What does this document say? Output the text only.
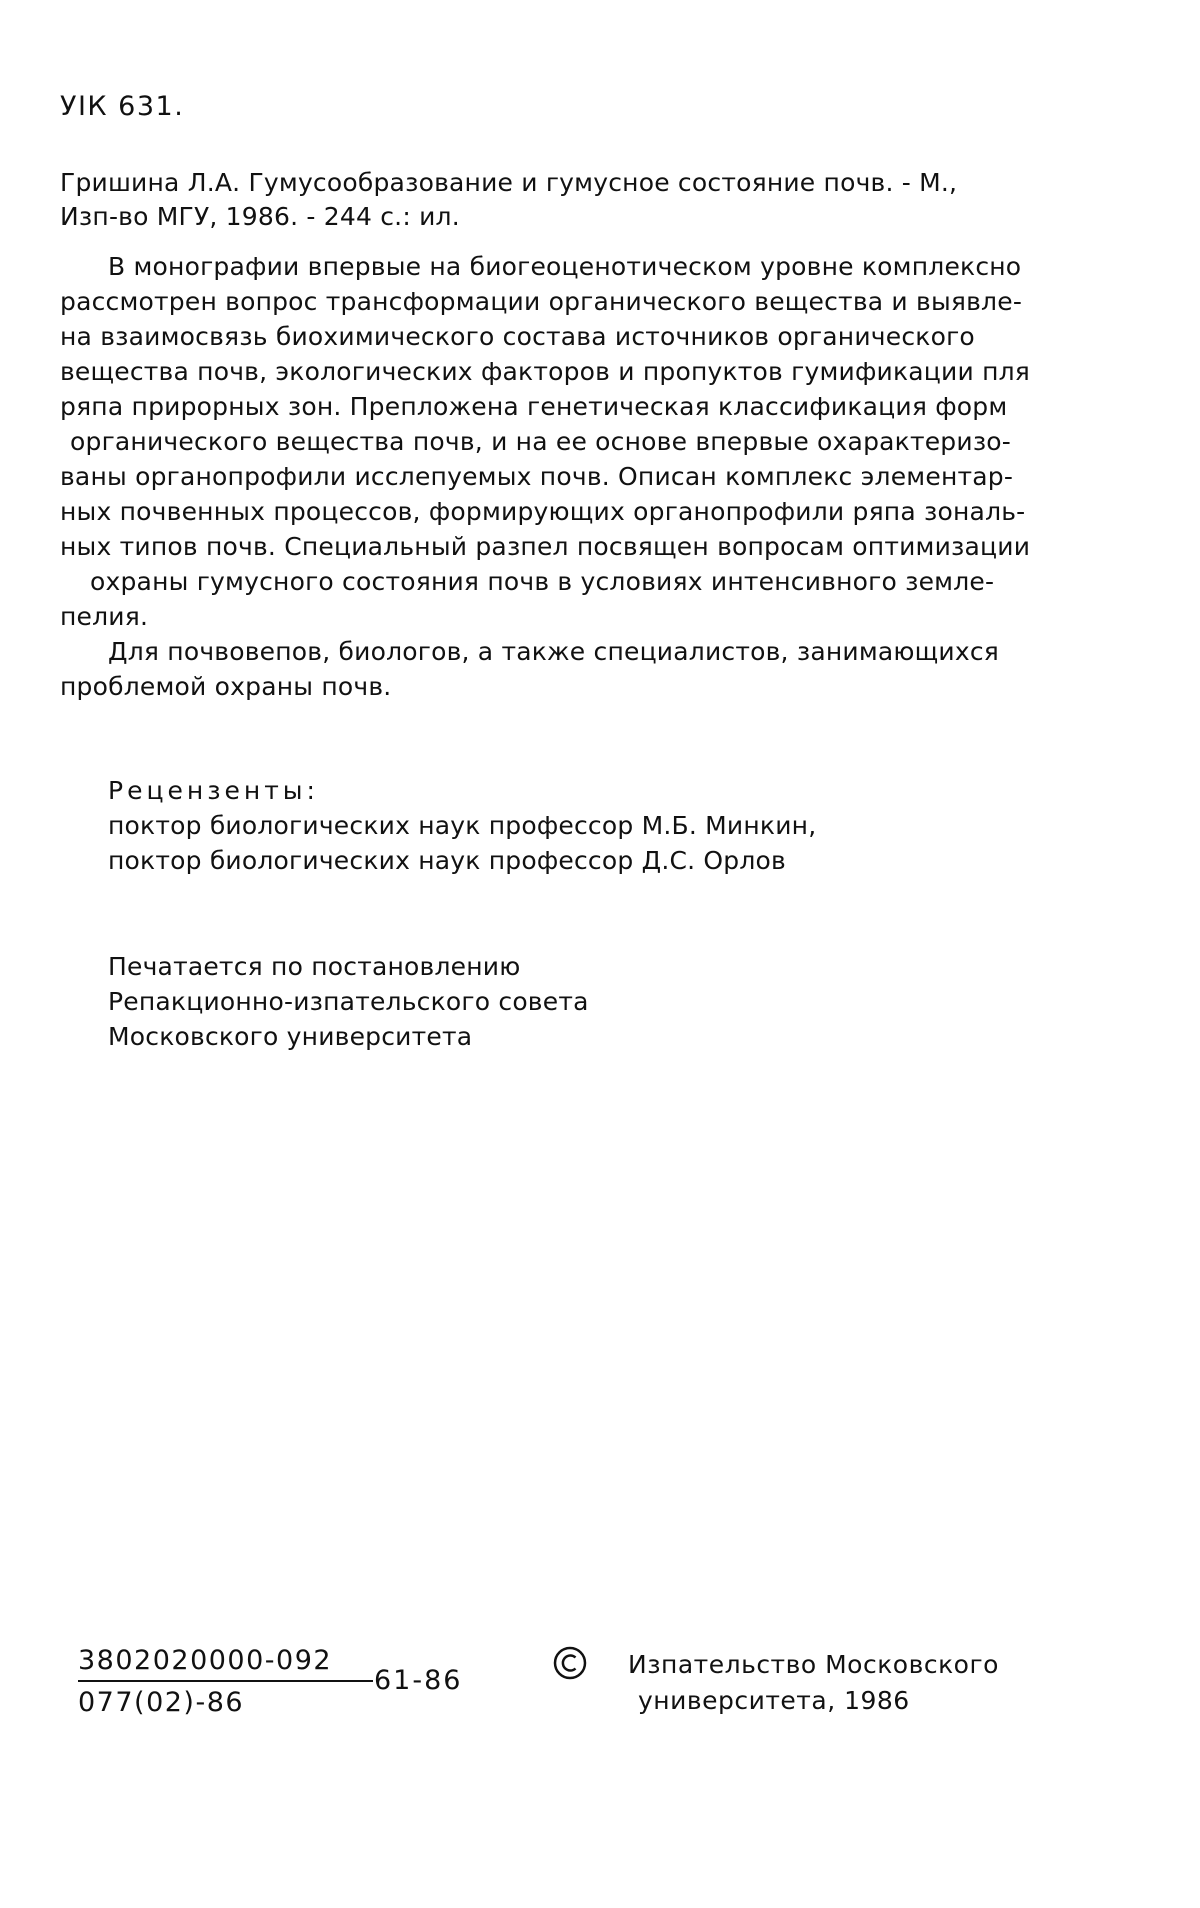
УIК 631.
Гришина Л.А. Гумусообразование и гумусное состояние почв. - М.,
Изп-во МГУ, 1986. - 244 с.: ил.
В монографии впервые на биогеоценотическом уровне комплексно
рассмотрен вопрос трансформации органического вещества и выявле-
на взаимосвязь биохимического состава источников органического
вещества почв, экологических факторов и пропуктов гумификации пля
ряпа прирорных зон. Препложена генетическая классификация форм
органического вещества почв, и на ее основе впервые охарактеризо-
ваны органопрофили исслепуемых почв. Описан комплекс элементар-
ных почвенных процессов, формирующих органопрофили ряпа зональ-
ных типов почв. Специальный разпел посвящен вопросам оптимизации
охраны гумусного состояния почв в условиях интенсивного земле-
пелия.
Для почвовепов, биологов, а также специалистов, занимающихся
проблемой охраны почв.
Рецензенты:
поктор биологических наук профессор М.Б. Минкин,
поктор биологических наук профессор Д.С. Орлов
Печатается по постановлению
Репакционно-изпательского совета
Московского университета
3802020000-092
077(02)-86
61-86
Изпательство Московского
университета, 1986
